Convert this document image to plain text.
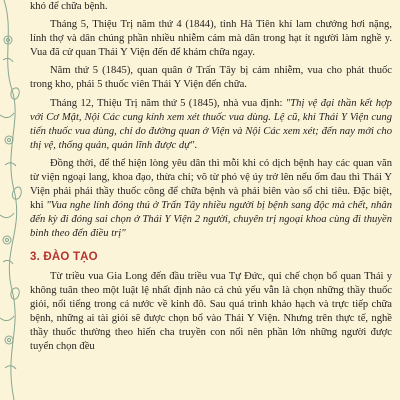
khó để chữa bệnh.

Tháng 5, Thiệu Trị năm thứ 4 (1844), tỉnh Hà Tiên khí lam chướng hơi nặng, lính thợ và dân chúng phần nhiều nhiễm cảm mà dân trong hạt ít người làm nghề y. Vua đã cử quan Thái Y Viện đến để khám chữa ngay.

Năm thứ 5 (1845), quan quân ở Trấn Tây bị cảm nhiễm, vua cho phát thuốc trong kho, phái 5 thuốc viên Thái Y Viện đến chữa.

Tháng 12, Thiệu Trị năm thứ 5 (1845), nhà vua định: "Thị vệ đại thần kết hợp với Cơ Mật, Nội Các cung kính xem xét thuốc vua dùng. Lệ cũ, khi Thái Y Viện cung tiến thuốc vua dùng, chỉ do đường quan ở Viện và Nội Các xem xét; đến nay mới cho thị vệ, thống quản, quản lĩnh được dự".

Đồng thời, để thể hiện lòng yêu dân thì mỗi khi có dịch bệnh hay các quan văn từ viện ngoại lang, khoa đạo, thừa chỉ; võ từ phó vệ úy trở lên nếu ốm đau thì Thái Y Viện phải phái thầy thuốc công để chữa bệnh và phải biên vào sổ chi tiêu. Đặc biệt, khi "Vua nghe lính đóng thú ở Trấn Tây nhiều người bị bệnh sang độc mà chết, nhân đến kỳ đi đóng sai chọn ở Thái Y Viện 2 người, chuyên trị ngoại khoa cùng đi thuyền binh theo đến điều trị"

3. ĐÀO TẠO

Từ triều vua Gia Long đến đầu triều vua Tự Đức, qui chế chọn bổ quan Thái y không tuân theo một luật lệ nhất định nào cả chủ yếu vẫn là chọn những thầy thuốc giỏi, nổi tiếng trong cả nước về kinh đô. Sau quá trình khảo hạch và trực tiếp chữa bệnh, những ai tài giỏi sẽ được chọn bổ vào Thái Y Viện. Nhưng trên thực tế, nghề thầy thuốc thường theo hiến cha truyền con nối nên phần lớn những người được tuyển chọn đều
